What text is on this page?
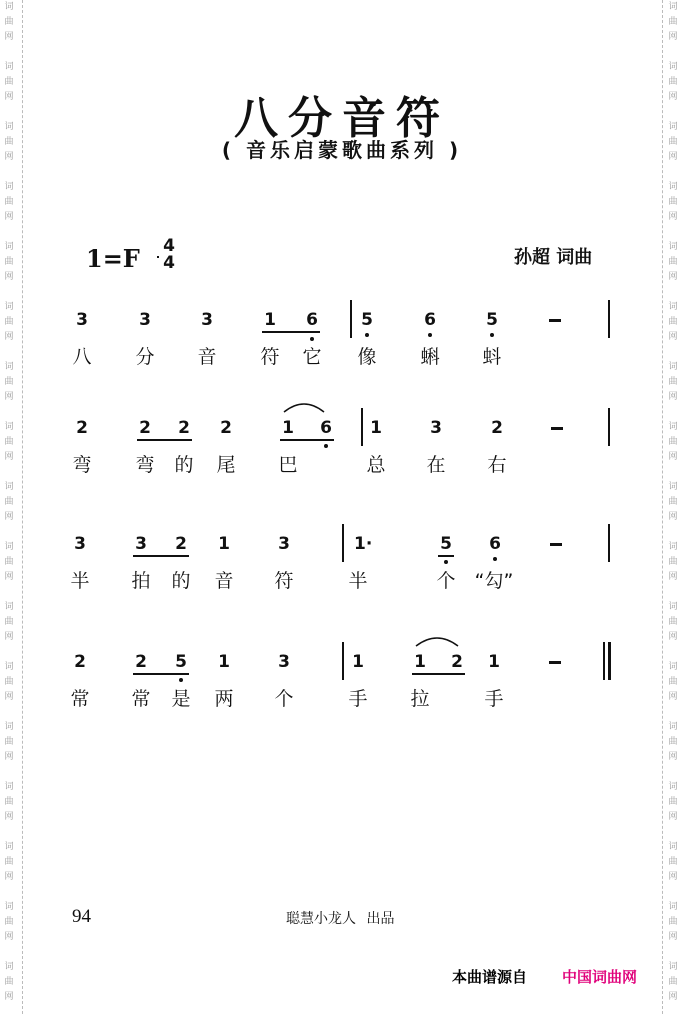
词
曲
网
词
曲
网
词
曲
网
词
曲
网
词
曲
网
词
曲
网
词
曲
网
词
曲
网
词
曲
网
词
曲
网
词
曲
网
词
曲
网
词
曲
网
词
曲
网
词
曲
网
词
曲
网
词
曲
网
词
曲
网
词
曲
网
词
曲
网
词
曲
网
词
曲
网
词
曲
网
词
曲
网
词
曲
网
词
曲
网
词
曲
网
词
曲
网
词
曲
网
词
曲
网
词
曲
网
词
曲
网
词
曲
网
词
曲
网
八分音符
( 音乐启蒙歌曲系列 )
1=F	4
4	孙超 词曲
3	3	3	1 6	5	6	5
八 分 音 符 它 像 蝌 蚪
2	2 2 2	1 6 1	3	2
弯 弯 的 尾 巴	总 在 右
3	3 2 1	3	1·	5 6
半 拍 的 音 符	半	个	“勾”
2	2 5 1	3	1	1 2 1
常 常 是 两 个	手 拉	手
94	聪慧小龙人   出品
本曲谱源自 中国词曲网
